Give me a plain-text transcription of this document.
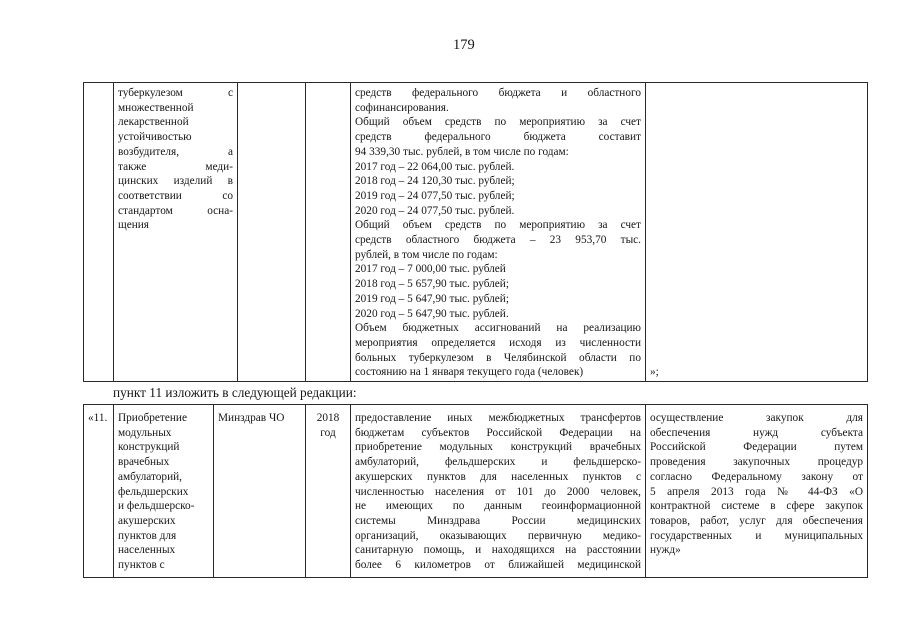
179
туберкулезом с
множественной
лекарственной
устойчивостью
возбудителя, а
также меди-
цинских изделий в
соответствии со
стандартом осна-
щения
средств федерального бюджета и областного
софинансирования.
Общий объем средств по мероприятию за счет
средств федерального бюджета составит
94 339,30 тыс. рублей, в том числе по годам:
2017 год – 22 064,00 тыс. рублей.
2018 год – 24 120,30 тыс. рублей;
2019 год – 24 077,50 тыс. рублей;
2020 год – 24 077,50 тыс. рублей.
Общий объем средств по мероприятию за счет
средств областного бюджета – 23 953,70 тыс.
рублей, в том числе по годам:
2017 год – 7 000,00 тыс. рублей
2018 год – 5 657,90 тыс. рублей;
2019 год – 5 647,90 тыс. рублей;
2020 год – 5 647,90 тыс. рублей.
Объем бюджетных ассигнований на реализацию
мероприятия определяется исходя из численности
больных туберкулезом в Челябинской области по
состоянию на 1 января текущего года (человек)	»;
пункт 11 изложить в следующей редакции:
«11. Приобретение
модульных
конструкций
врачебных
амбулаторий,
фельдшерских
и фельдшерско-
акушерских
пунктов для
населенных
пунктов с
Минздрав ЧО	2018 год
предоставление иных межбюджетных трансфертов
бюджетам субъектов Российской Федерации на
приобретение модульных конструкций врачебных
амбулаторий, фельдшерских и фельдшерско-
акушерских пунктов для населенных пунктов с
численностью населения от 101 до 2000 человек,
не имеющих по данным геоинформационной
системы Минздрава России медицинских
организаций, оказывающих первичную медико-
санитарную помощь, и находящихся на расстоянии
более 6 километров от ближайшей медицинской
осуществление закупок для
обеспечения нужд субъекта
Российской Федерации путем
проведения закупочных процедур
согласно Федеральному закону от
5 апреля 2013 года № 44-ФЗ «О
контрактной системе в сфере закупок
товаров, работ, услуг для обеспечения
государственных и муниципальных
нужд»
